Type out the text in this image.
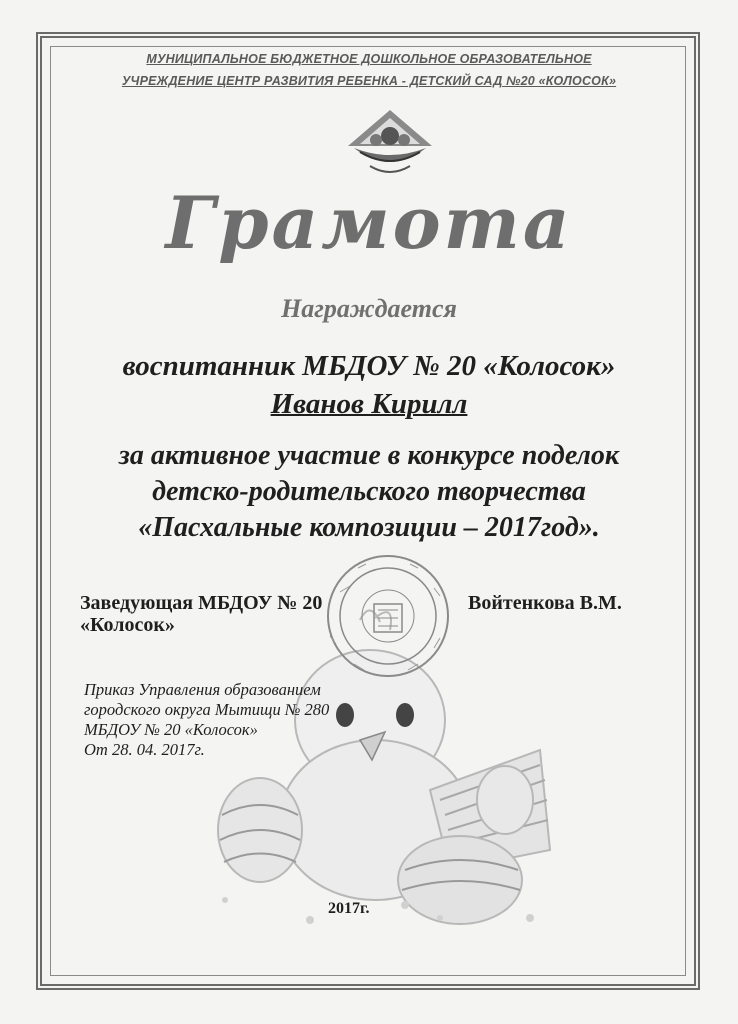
МУНИЦИПАЛЬНОЕ БЮДЖЕТНОЕ ДОШКОЛЬНОЕ ОБРАЗОВАТЕЛЬНОЕ
УЧРЕЖДЕНИЕ ЦЕНТР РАЗВИТИЯ РЕБЕНКА - ДЕТСКИЙ САД №20 «КОЛОСОК»
Грамота
Награждается
воспитанник МБДОУ № 20 «Колосок»
Иванов Кирилл
за активное участие в конкурсе поделок
детско-родительского творчества
«Пасхальные композиции – 2017год».
Заведующая МБДОУ № 20
«Колосок»
Войтенкова В.М.
Приказ Управления образованием
городского округа Мытищи № 280
МБДОУ № 20 «Колосок»
От 28. 04. 2017г.
2017г.
